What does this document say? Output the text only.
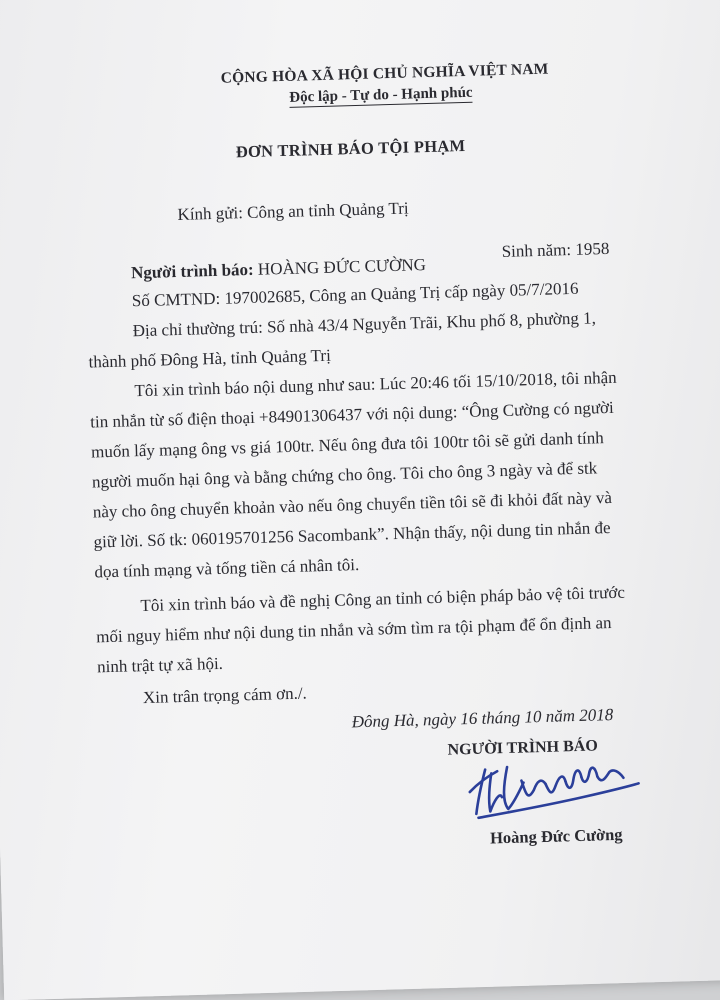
CỘNG HÒA XÃ HỘI CHỦ NGHĨA VIỆT NAM
Độc lập - Tự do - Hạnh phúc
ĐƠN TRÌNH BÁO TỘI PHẠM
Kính gửi: Công an tỉnh Quảng Trị
Người trình báo: HOÀNG ĐỨC CƯỜNG
Sinh năm: 1958
Số CMTND: 197002685, Công an Quảng Trị cấp ngày 05/7/2016
Địa chỉ thường trú: Số nhà 43/4 Nguyễn Trãi, Khu phố 8, phường 1,
thành phố Đông Hà, tỉnh Quảng Trị
Tôi xin trình báo nội dung như sau: Lúc 20:46 tối 15/10/2018, tôi nhận
tin nhắn từ số điện thoại +84901306437 với nội dung: “Ông Cường có người
muốn lấy mạng ông vs giá 100tr. Nếu ông đưa tôi 100tr tôi sẽ gửi danh tính
người muốn hại ông và bằng chứng cho ông. Tôi cho ông 3 ngày và để stk
này cho ông chuyển khoản vào nếu ông chuyển tiền tôi sẽ đi khỏi đất này và
giữ lời. Số tk: 060195701256 Sacombank”. Nhận thấy, nội dung tin nhắn đe
dọa tính mạng và tống tiền cá nhân tôi.
Tôi xin trình báo và đề nghị Công an tỉnh có biện pháp bảo vệ tôi trước
mối nguy hiểm như nội dung tin nhắn và sớm tìm ra tội phạm để ổn định an
ninh trật tự xã hội.
Xin trân trọng cám ơn./.
Đông Hà, ngày 16 tháng 10 năm 2018
NGƯỜI TRÌNH BÁO
Hoàng Đức Cường
